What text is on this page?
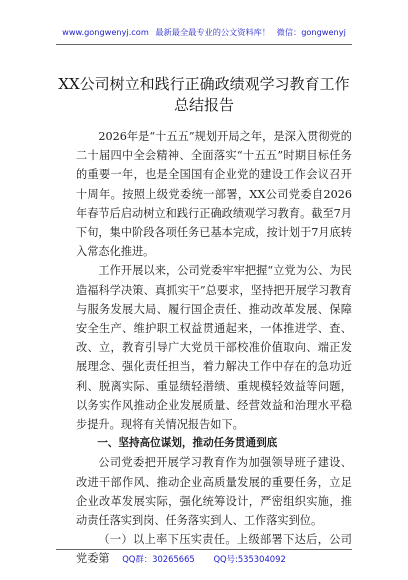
www.gongwenyj.com 最新最全最专业的公文资料库！ 微信：gongwenyj
XX公司树立和践行正确政绩观学习教育工作
总结报告

2026年是“十五五”规划开局之年，是深入贯彻党的二十届四中全会精神、全面落实“十五五”时期目标任务的重要一年，也是全国国有企业党的建设工作会议召开十周年。按照上级党委统一部署，XX公司党委自2026年春节后启动树立和践行正确政绩观学习教育。截至7月下旬，集中阶段各项任务已基本完成，按计划于7月底转入常态化推进。

工作开展以来，公司党委牢牢把握“立党为公、为民造福科学决策、真抓实干”总要求，坚持把开展学习教育与服务发展大局、履行国企责任、推动改革发展、保障安全生产、维护职工权益贯通起来，一体推进学、查、改、立，教育引导广大党员干部校准价值取向、端正发展理念、强化责任担当，着力解决工作中存在的急功近利、脱离实际、重显绩轻潜绩、重规模轻效益等问题，以务实作风推动企业发展质量、经营效益和治理水平稳步提升。现将有关情况报告如下。

一、坚持高位谋划，推动任务贯通到底

公司党委把开展学习教育作为加强领导班子建设、改进干部作风、推动企业高质量发展的重要任务，立足企业改革发展实际，强化统筹设计，严密组织实施，推动责任落实到岗、任务落实到人、工作落实到位。

（一）以上率下压实责任。上级部署下达后，公司党委第	QQ群：30265665 QQ号:535304092
